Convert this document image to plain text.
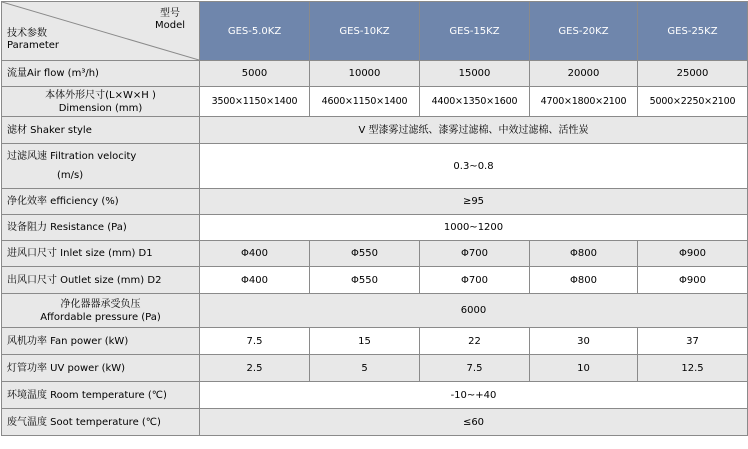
型号
Model
技术参数
Parameter	GES-5.0KZ	GES-10KZ	GES-15KZ	GES-20KZ	GES-25KZ
流量Air flow (m³/h)	5000	10000	15000	20000	25000

本体外形尺寸(L×W×H )
Dimension (mm)	3500×1150×1400	4600×1150×1400	4400×1350×1600	4700×1800×2100	5000×2250×2100
滤材 Shaker style	V 型漆雾过滤纸、漆雾过滤棉、中效过滤棉、活性炭				

过滤风速 Filtration velocity
(m/s)	0.3~0.8				
净化效率 efficiency (%)	≥95				
设备阻力 Resistance (Pa)	1000~1200				
进风口尺寸 Inlet size (mm) D1	Φ400	Φ550	Φ700	Φ800	Φ900
出风口尺寸 Outlet size (mm) D2	Φ400	Φ550	Φ700	Φ800	Φ900

净化器器承受负压
Affordable pressure (Pa)	6000				
风机功率 Fan power (kW)	7.5	15	22	30	37
灯管功率 UV power (kW)	2.5	5	7.5	10	12.5
环境温度 Room temperature (℃)	-10~+40				
废气温度 Soot temperature (℃)	≤60				
